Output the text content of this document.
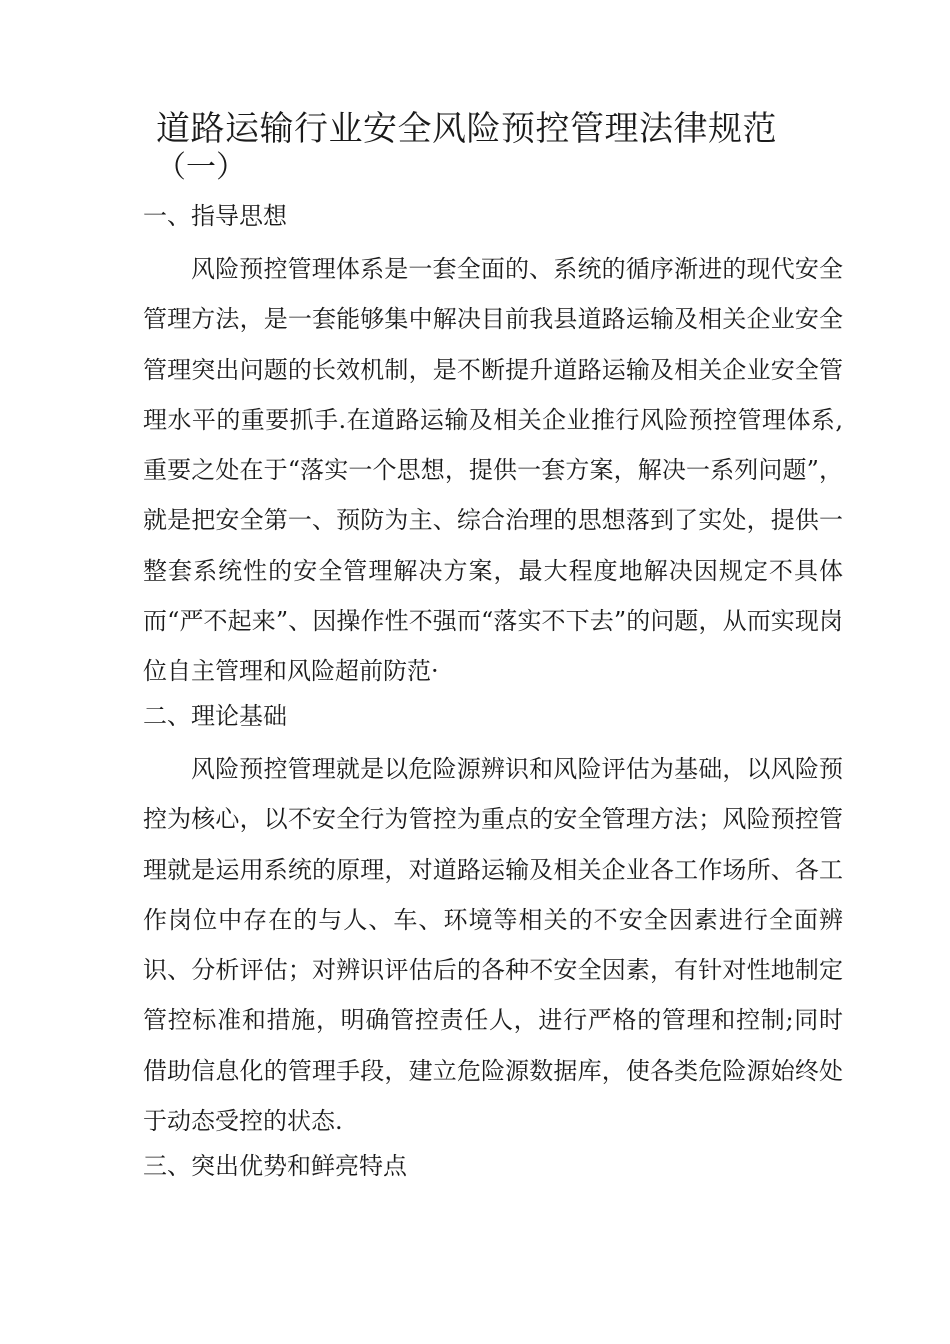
道路运输行业安全风险预控管理法律规范
（一）
一、指导思想

风险预控管理体系是一套全面的、系统的循序渐进的现代安全管理方法，是一套能够集中解决目前我县道路运输及相关企业安全管理突出问题的长效机制，是不断提升道路运输及相关企业安全管理水平的重要抓手.在道路运输及相关企业推行风险预控管理体系,重要之处在于“落实一个思想，提供一套方案，解决一系列问题”，就是把安全第一、预防为主、综合治理的思想落到了实处，提供一整套系统性的安全管理解决方案，最大程度地解决因规定不具体而“严不起来”、因操作性不强而“落实不下去”的问题，从而实现岗位自主管理和风险超前防范·

二、理论基础

风险预控管理就是以危险源辨识和风险评估为基础，以风险预控为核心，以不安全行为管控为重点的安全管理方法；风险预控管理就是运用系统的原理，对道路运输及相关企业各工作场所、各工作岗位中存在的与人、车、环境等相关的不安全因素进行全面辨识、分析评估；对辨识评估后的各种不安全因素，有针对性地制定管控标准和措施，明确管控责任人，进行严格的管理和控制;同时借助信息化的管理手段，建立危险源数据库，使各类危险源始终处于动态受控的状态.

三、突出优势和鲜亮特点
